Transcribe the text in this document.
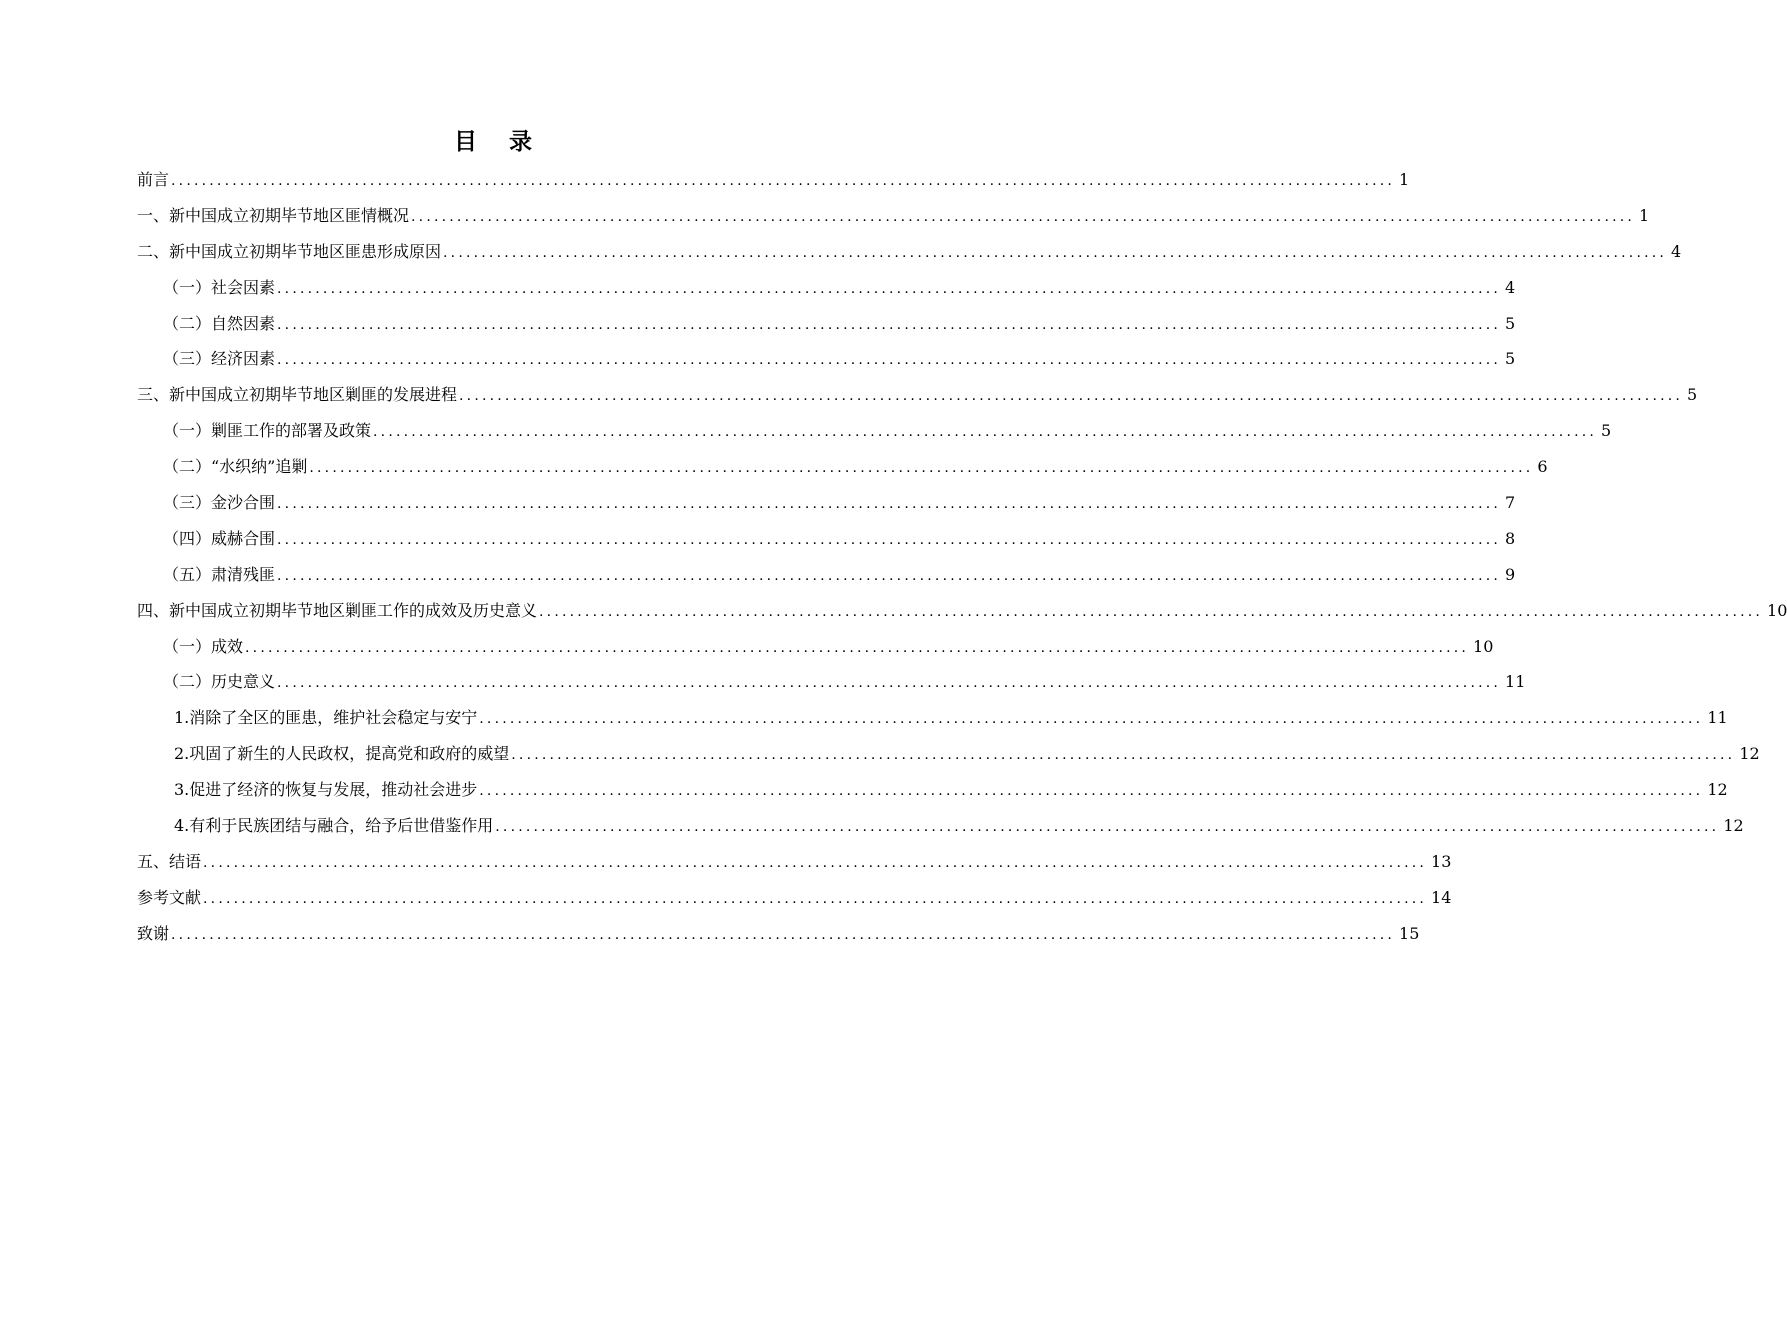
目 录
前言 ................................................................................................................................................................ 1
一、新中国成立初期毕节地区匪情概况 ................................................................................................................................................................ 1
二、新中国成立初期毕节地区匪患形成原因 ................................................................................................................................................................ 4
（一）社会因素 ................................................................................................................................................................ 4
（二）自然因素 ................................................................................................................................................................ 5
（三）经济因素 ................................................................................................................................................................ 5
三、新中国成立初期毕节地区剿匪的发展进程 ................................................................................................................................................................ 5
（一）剿匪工作的部署及政策 ................................................................................................................................................................ 5
（二）“水织纳”追剿 ................................................................................................................................................................ 6
（三）金沙合围 ................................................................................................................................................................ 7
（四）威赫合围 ................................................................................................................................................................ 8
（五）肃清残匪 ................................................................................................................................................................ 9
四、新中国成立初期毕节地区剿匪工作的成效及历史意义 ................................................................................................................................................................ 10
（一）成效 ................................................................................................................................................................ 10
（二）历史意义 ................................................................................................................................................................ 11
1.消除了全区的匪患，维护社会稳定与安宁 ................................................................................................................................................................ 11
2.巩固了新生的人民政权，提高党和政府的威望 ................................................................................................................................................................ 12
3.促进了经济的恢复与发展，推动社会进步 ................................................................................................................................................................ 12
4.有利于民族团结与融合，给予后世借鉴作用 ................................................................................................................................................................ 12
五、结语 ................................................................................................................................................................ 13
参考文献 ................................................................................................................................................................ 14
致谢 ................................................................................................................................................................ 15
